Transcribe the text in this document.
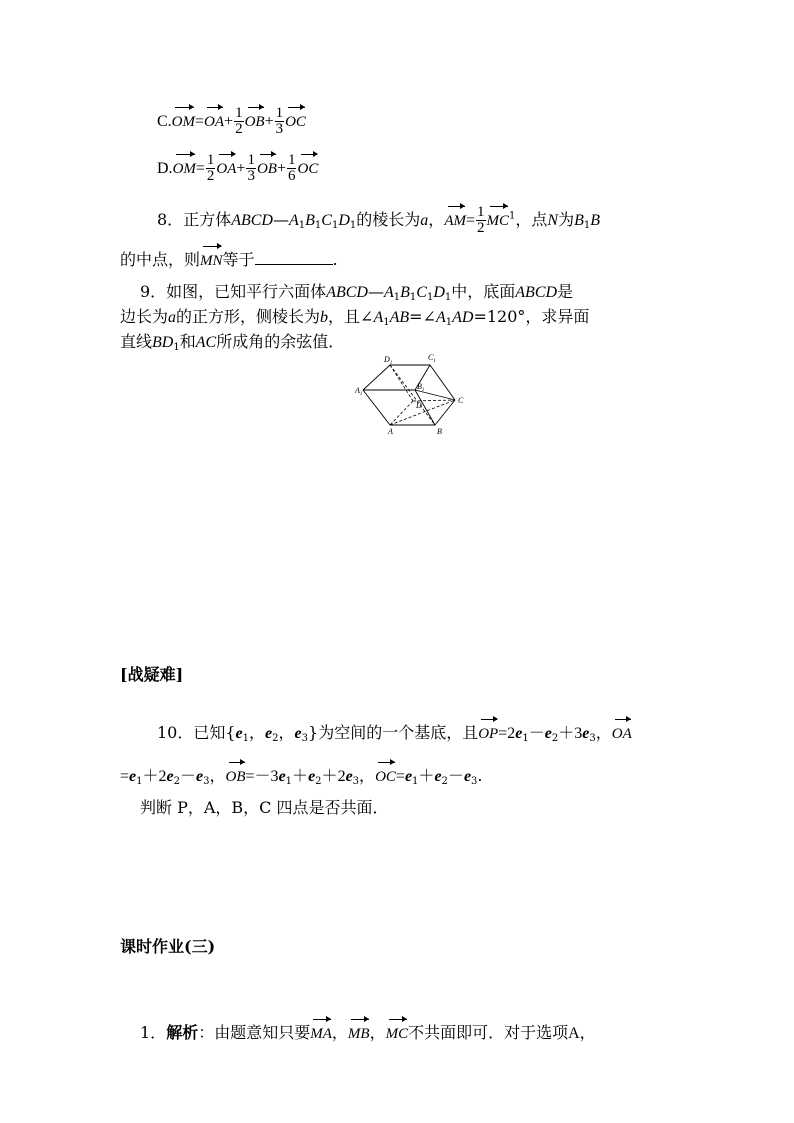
$C.OM=OA+ \frac{1}{2} OB+ \frac{1}{3}$ OC
$D.OM= \frac{1}{2} OA+ \frac{1}{3} OB+ \frac{1}{6}$ OC
8．正方体$ABCD—A_1B_1C_1D_1$的棱长为a，$AM= \frac{1}{2} MC^1$，点N为$B_1B$
的中点，则MN等于	.
9．如图，已知平行六面体$ABCD—A_1B_1C_1D_1$中，底面ABCD是
边长为a的正方形，侧棱长为b，且$\angle A_1AB=\angle A_1AD=120^\circ$，求异面
直线$BD_1$和AC所成角的余弦值．
$D_1$
$C_1$
$A_1$
$B_1$
D
C
A	B
[战疑难]
10．已知{$e_1$，$e_2$，$e_3$}为空间的一个基底，且$OP=2e_1-e_2+3e_3$，OA
$=e_1+2e_2-e_3$，$OB=-3e_1+e_2+2e_3$，$OC=e_1+e_2-e_3$.
判断 P，A，B，C 四点是否共面．
课时作业(三)
1．解析：由题意知只要MA，MB，MC不共面即可．对于选项A，
